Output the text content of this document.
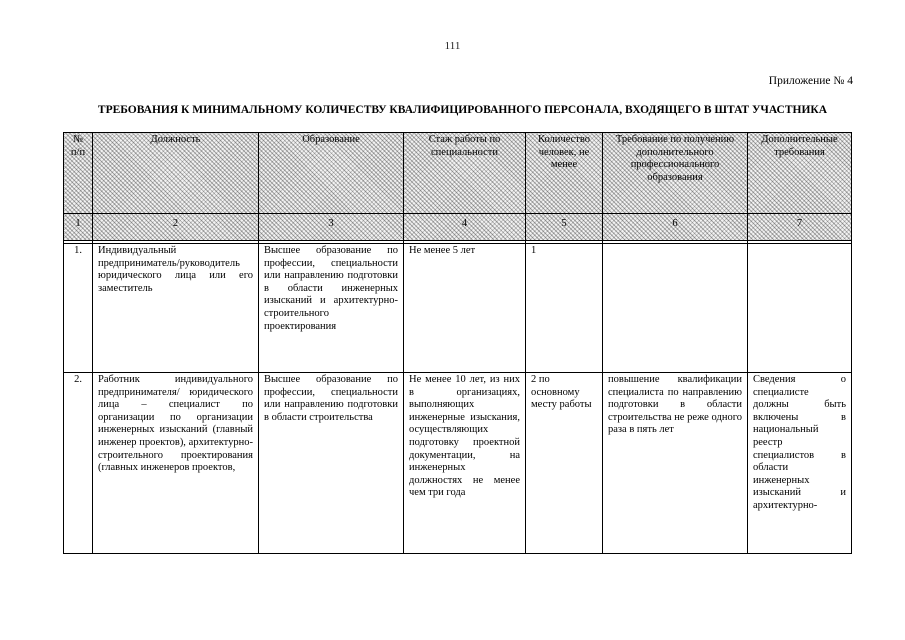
111
Приложение № 4
ТРЕБОВАНИЯ К МИНИМАЛЬНОМУ КОЛИЧЕСТВУ КВАЛИФИЦИРОВАННОГО ПЕРСОНАЛА, ВХОДЯЩЕГО В ШТАТ УЧАСТНИКА
№ п/п	Должность	Образование	Стаж работы по специальности	Количество человек, не менее	Требование по получению дополнительного профессионального образования	Дополнительные требования
1	2	3	4	5	6	7

1.	Индивидуальный предприниматель/руководитель юридического лица или его заместитель	Высшее образование по профессии, специальности или направлению подготовки в области инженерных изысканий и архитектурно-строительного проектирования	Не менее 5 лет	1		
2.	Работник индивидуального предпринимателя/ юридического лица – специалист по организации по организации инженерных изысканий (главный инженер проектов), архитектурно-строительного проектирования (главных инженеров проектов,	Высшее образование по профессии, специальности или направлению подготовки в области строительства	Не менее 10 лет, из них в организациях, выполняющих инженерные изыскания, осуществляющих подготовку проектной документации, на инженерных должностях не менее чем три года	2 по основному месту работы	повышение квалификации специалиста по направлению подготовки в области строительства не реже одного раза в пять лет	Сведения о специалисте должны быть включены в национальный реестр специалистов в области инженерных изысканий и архитектурно-
